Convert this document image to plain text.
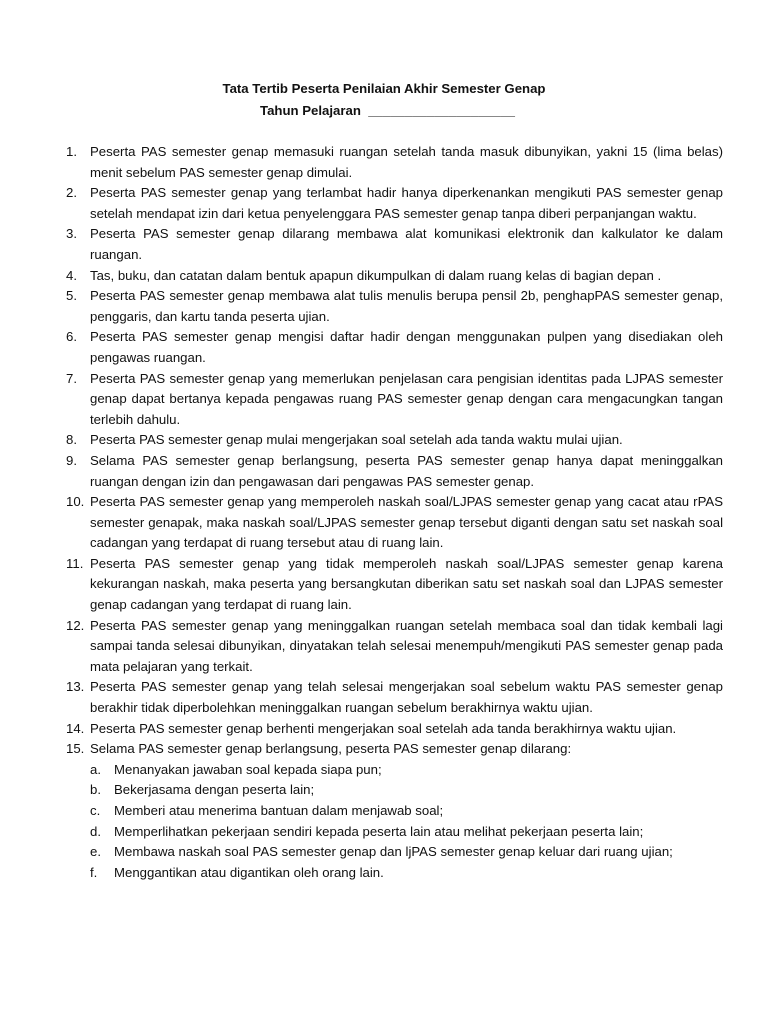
Tata Tertib Peserta Penilaian Akhir Semester Genap
Tahun Pelajaran  ____________________
1. Peserta PAS semester genap memasuki ruangan setelah tanda masuk dibunyikan, yakni 15 (lima belas) menit sebelum PAS semester genap dimulai.
2. Peserta PAS semester genap yang terlambat hadir hanya diperkenankan mengikuti PAS semester genap setelah mendapat izin dari ketua penyelenggara PAS semester genap tanpa diberi perpanjangan waktu.
3. Peserta PAS semester genap dilarang membawa alat komunikasi elektronik dan kalkulator ke dalam ruangan.
4. Tas, buku, dan catatan dalam bentuk apapun dikumpulkan di dalam ruang kelas di bagian depan .
5. Peserta PAS semester genap membawa alat tulis menulis berupa pensil 2b, penghapPAS semester genap, penggaris, dan kartu tanda peserta ujian.
6. Peserta PAS semester genap mengisi daftar hadir dengan menggunakan pulpen yang disediakan oleh pengawas ruangan.
7. Peserta PAS semester genap yang memerlukan penjelasan cara pengisian identitas pada LJPAS semester genap dapat bertanya kepada pengawas ruang PAS semester genap dengan cara mengacungkan tangan terlebih dahulu.
8. Peserta PAS semester genap mulai mengerjakan soal setelah ada tanda waktu mulai ujian.
9. Selama PAS semester genap berlangsung, peserta PAS semester genap hanya dapat meninggalkan ruangan dengan izin dan pengawasan dari pengawas PAS semester genap.
10. Peserta PAS semester genap yang memperoleh naskah soal/LJPAS semester genap yang cacat atau rPAS semester genapak, maka naskah soal/LJPAS semester genap tersebut diganti dengan satu set naskah soal cadangan yang terdapat di ruang tersebut atau di ruang lain.
11. Peserta PAS semester genap yang tidak memperoleh naskah soal/LJPAS semester genap karena kekurangan naskah, maka peserta yang bersangkutan diberikan satu set naskah soal dan LJPAS semester genap cadangan yang terdapat di ruang lain.
12. Peserta PAS semester genap yang meninggalkan ruangan setelah membaca soal dan tidak kembali lagi sampai tanda selesai dibunyikan, dinyatakan telah selesai menempuh/mengikuti PAS semester genap pada mata pelajaran yang terkait.
13. Peserta PAS semester genap yang telah selesai mengerjakan soal sebelum waktu PAS semester genap berakhir tidak diperbolehkan meninggalkan ruangan sebelum berakhirnya waktu ujian.
14. Peserta PAS semester genap berhenti mengerjakan soal setelah ada tanda berakhirnya waktu ujian.
15. Selama PAS semester genap berlangsung, peserta PAS semester genap dilarang:
a. Menanyakan jawaban soal kepada siapa pun;
b. Bekerjasama dengan peserta lain;
c.	Memberi atau menerima bantuan dalam menjawab soal;
d. Memperlihatkan pekerjaan sendiri kepada peserta lain atau melihat pekerjaan peserta lain;
e. Membawa naskah soal PAS semester genap dan ljPAS semester genap keluar dari ruang ujian;
f.	Menggantikan atau digantikan oleh orang lain.
